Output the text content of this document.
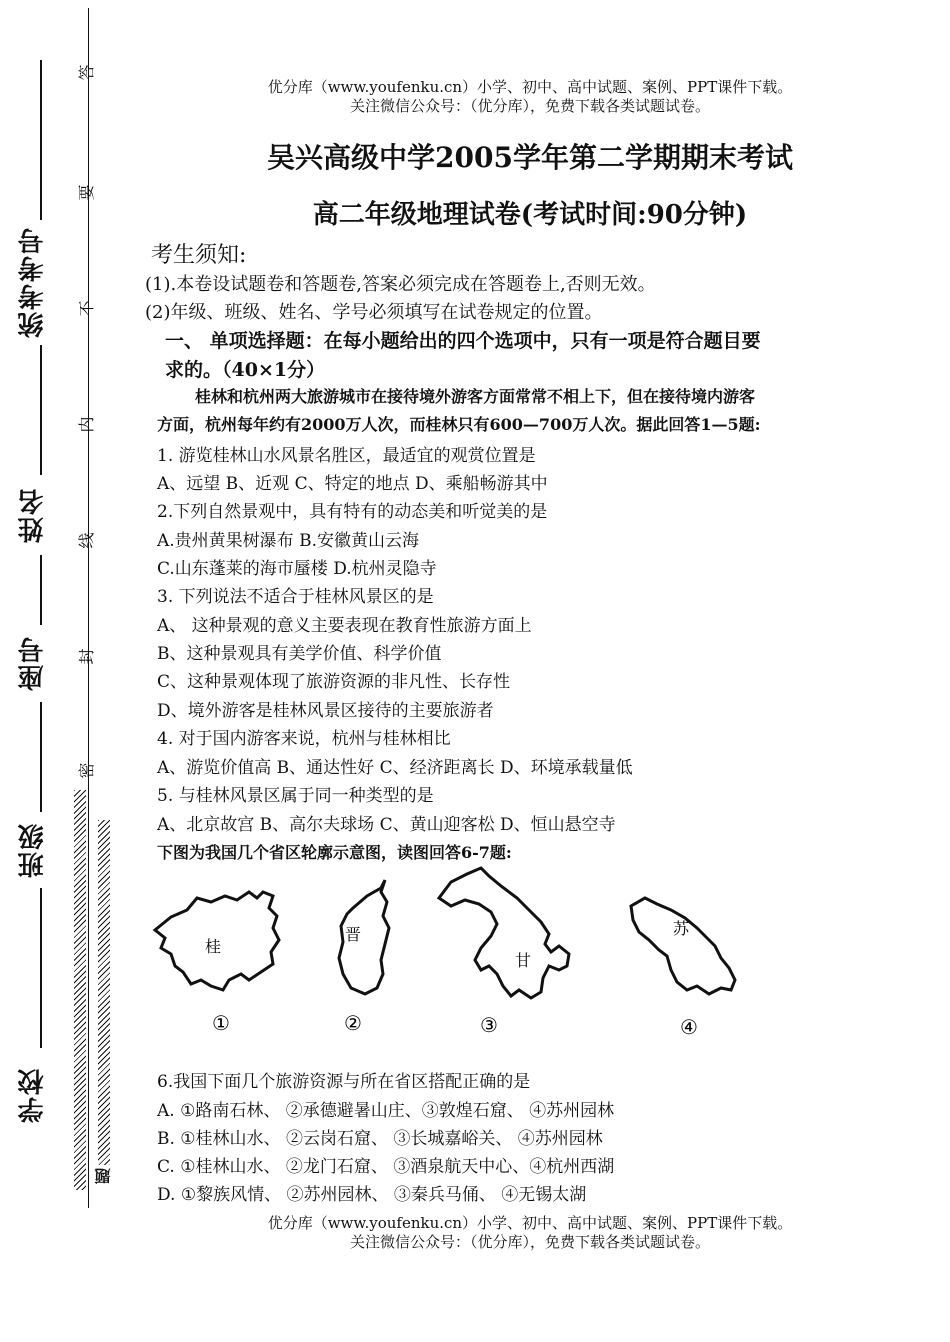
统考考号
姓名
座号
班级
学校
答
要
不
内
线
封
密
题
优分库（www.youfenku.cn）小学、初中、高中试题、案例、PPT课件下载。
关注微信公众号：（优分库），免费下载各类试题试卷。
吴兴高级中学2005学年第二学期期末考试
高二年级地理试卷(考试时间:90分钟)
考生须知:
(1).本卷设试题卷和答题卷,答案必须完成在答题卷上,否则无效。
(2)年级、班级、姓名、学号必须填写在试卷规定的位置。
一、 单项选择题：在每小题给出的四个选项中，只有一项是符合题目要
求的。（40×1分）
桂林和杭州两大旅游城市在接待境外游客方面常常不相上下，但在接待境内游客
方面，杭州每年约有2000万人次，而桂林只有600—700万人次。据此回答1—5题:
1. 游览桂林山水风景名胜区，最适宜的观赏位置是
A、远望 B、近观 C、特定的地点 D、乘船畅游其中
2.下列自然景观中，具有特有的动态美和听觉美的是
A.贵州黄果树瀑布 B.安徽黄山云海
C.山东蓬莱的海市蜃楼 D.杭州灵隐寺
3. 下列说法不适合于桂林风景区的是
A、 这种景观的意义主要表现在教育性旅游方面上
B、这种景观具有美学价值、科学价值
C、这种景观体现了旅游资源的非凡性、长存性
D、境外游客是桂林风景区接待的主要旅游者
4. 对于国内游客来说，杭州与桂林相比
A、游览价值高 B、通达性好 C、经济距离长 D、环境承载量低
5. 与桂林风景区属于同一种类型的是
A、北京故宫 B、高尔夫球场 C、黄山迎客松 D、恒山悬空寺
下图为我国几个省区轮廓示意图，读图回答6-7题:
桂
①
晋
②
甘
③
苏
④
6.我国下面几个旅游资源与所在省区搭配正确的是
A. ①路南石林、 ②承德避暑山庄、③敦煌石窟、 ④苏州园林
B. ①桂林山水、 ②云岗石窟、 ③长城嘉峪关、 ④苏州园林
C. ①桂林山水、 ②龙门石窟、 ③酒泉航天中心、④杭州西湖
D. ①黎族风情、 ②苏州园林、 ③秦兵马俑、 ④无锡太湖
优分库（www.youfenku.cn）小学、初中、高中试题、案例、PPT课件下载。
关注微信公众号：（优分库），免费下载各类试题试卷。
